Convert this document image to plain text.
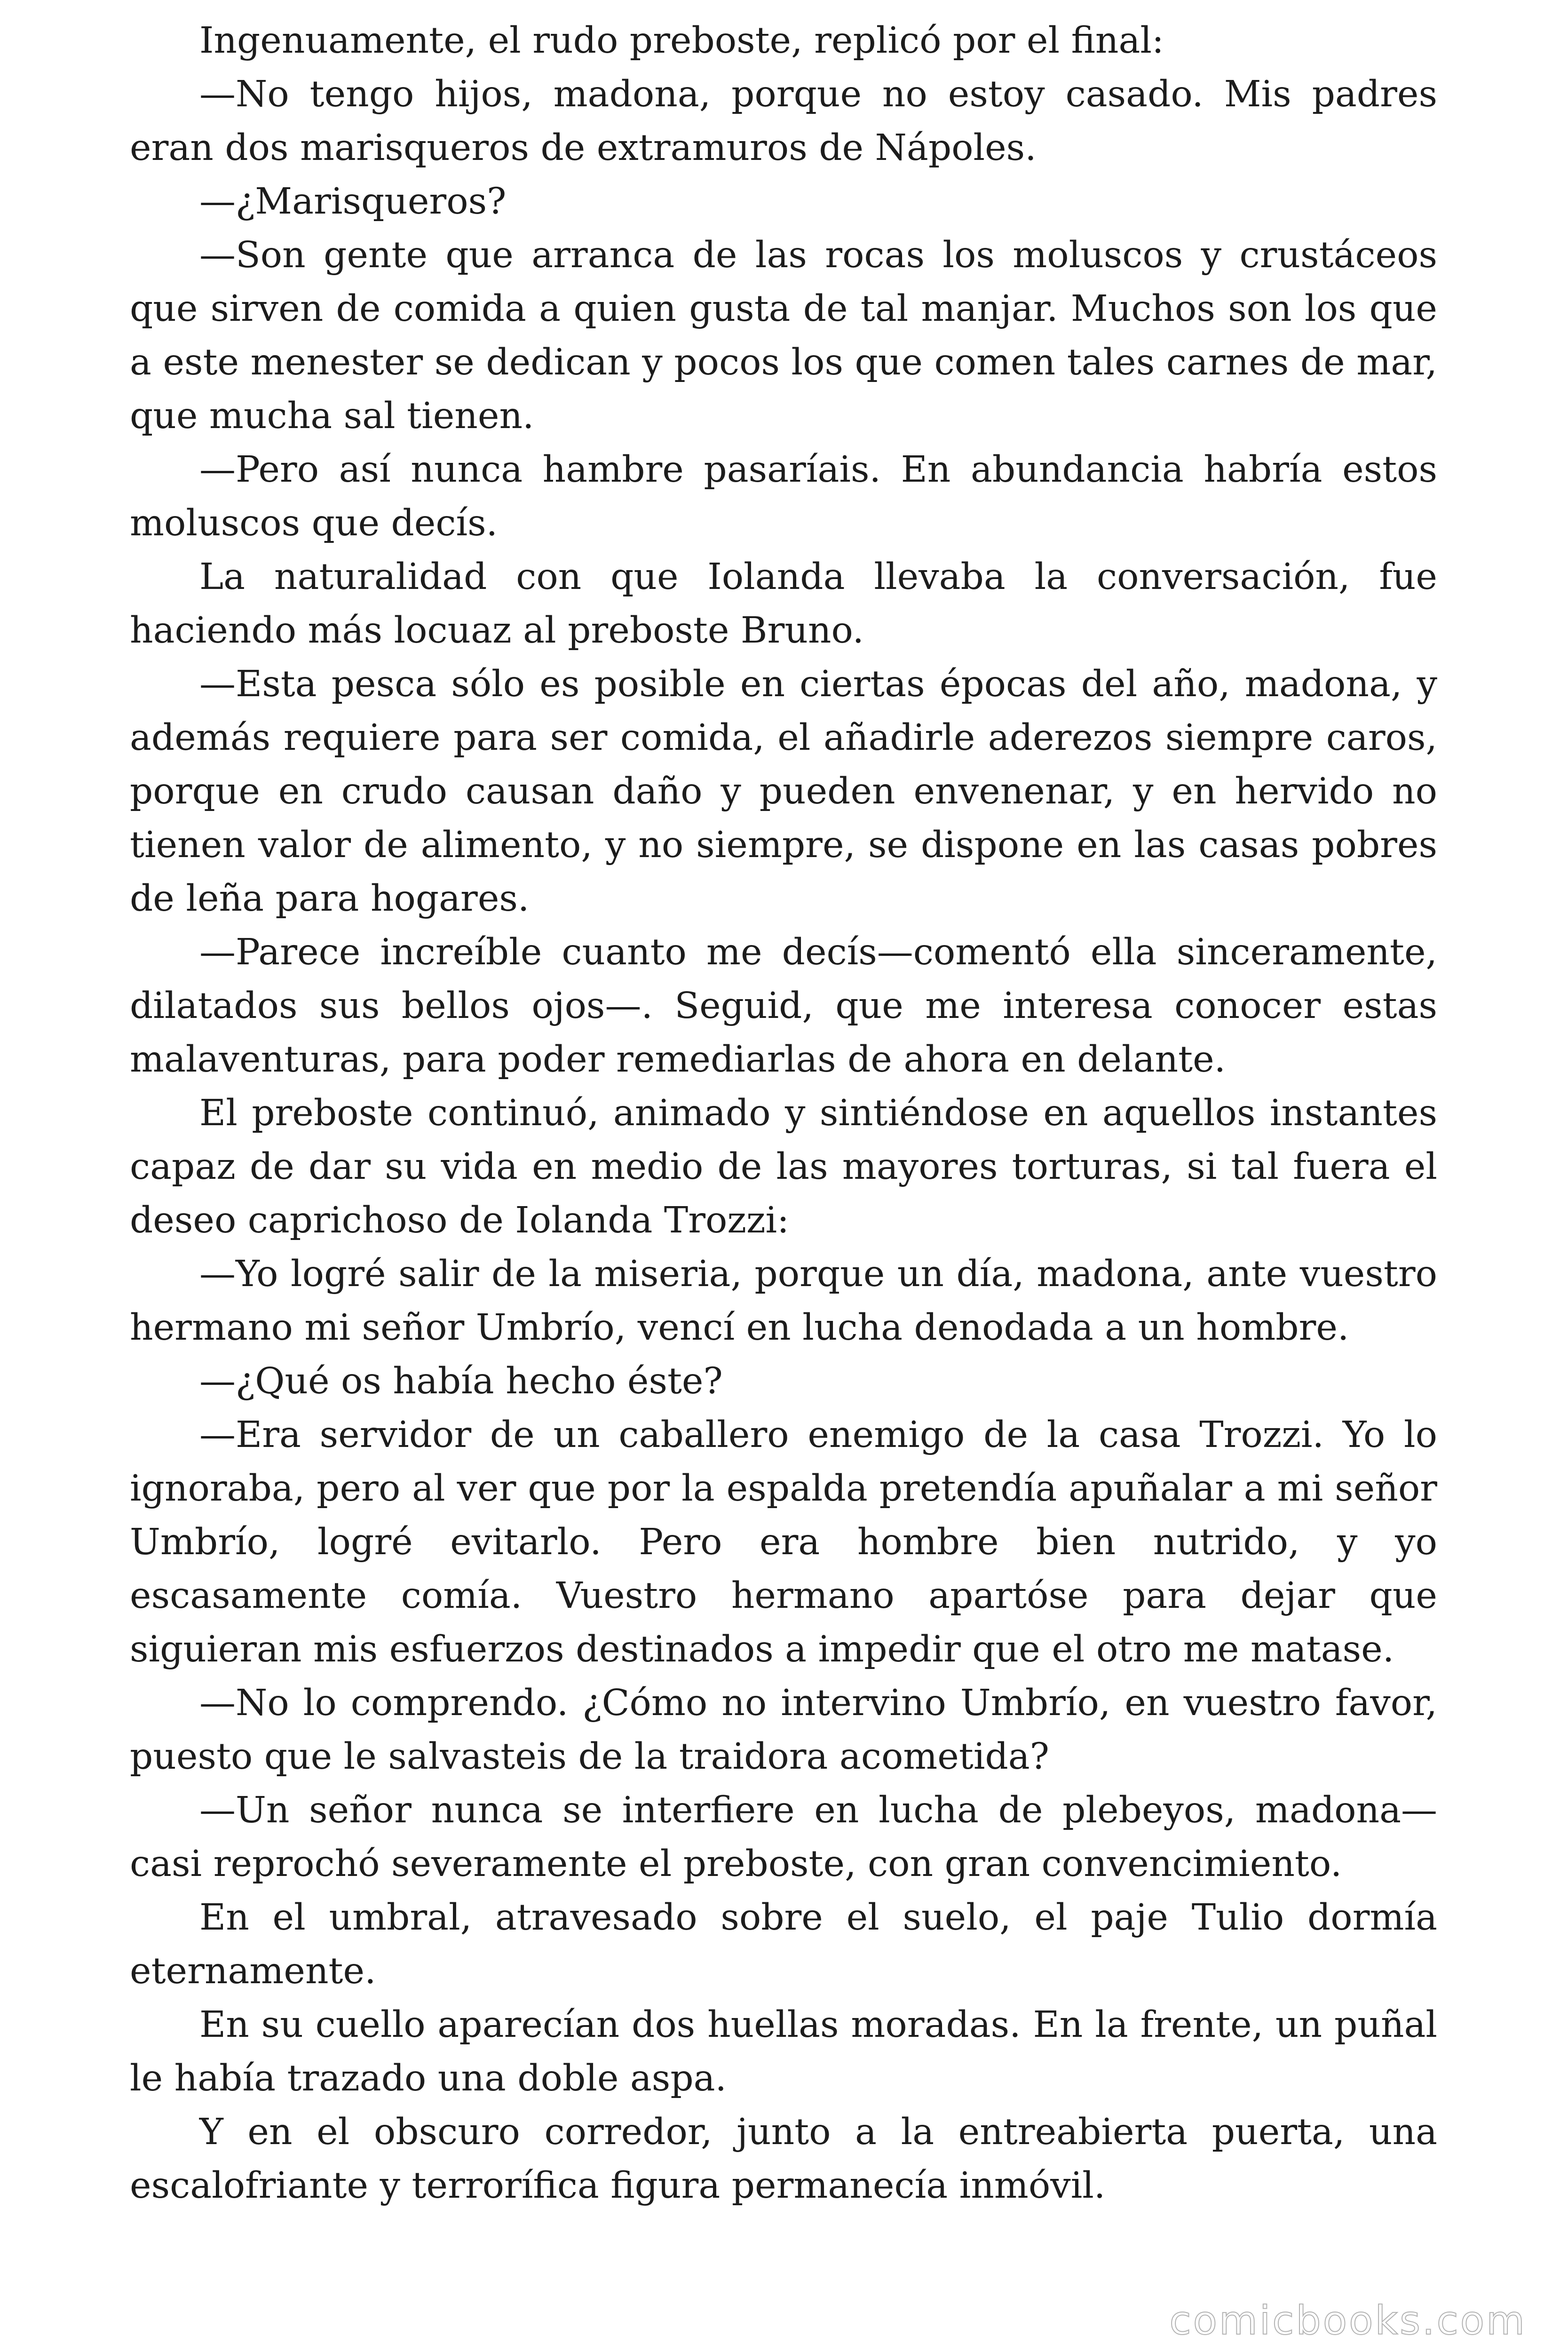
Ingenuamente, el rudo preboste, replicó por el final:

—No tengo hijos, madona, porque no estoy casado. Mis padres eran dos marisqueros de extramuros de Nápoles.

—¿Marisqueros?

—Son gente que arranca de las rocas los moluscos y crustáceos que sirven de comida a quien gusta de tal manjar. Muchos son los que a este menester se dedican y pocos los que comen tales carnes de mar, que mucha sal tienen.

—Pero así nunca hambre pasaríais. En abundancia habría estos moluscos que decís.

La naturalidad con que Iolanda llevaba la conversación, fue haciendo más locuaz al preboste Bruno.

—Esta pesca sólo es posible en ciertas épocas del año, madona, y además requiere para ser comida, el añadirle aderezos siempre caros, porque en crudo causan daño y pueden envenenar, y en hervido no tienen valor de alimento, y no siempre, se dispone en las casas pobres de leña para hogares.

—Parece increíble cuanto me decís—comentó ella sinceramente, dilatados sus bellos ojos—. Seguid, que me interesa conocer estas malaventuras, para poder remediarlas de ahora en delante.

El preboste continuó, animado y sintiéndose en aquellos instantes capaz de dar su vida en medio de las mayores torturas, si tal fuera el deseo caprichoso de Iolanda Trozzi:

—Yo logré salir de la miseria, porque un día, madona, ante vuestro hermano mi señor Umbrío, vencí en lucha denodada a un hombre.

—¿Qué os había hecho éste?

—Era servidor de un caballero enemigo de la casa Trozzi. Yo lo ignoraba, pero al ver que por la espalda pretendía apuñalar a mi señor Umbrío, logré evitarlo. Pero era hombre bien nutrido, y yo escasamente comía. Vuestro hermano apartóse para dejar que siguieran mis esfuerzos destinados a impedir que el otro me matase.

—No lo comprendo. ¿Cómo no intervino Umbrío, en vuestro favor, puesto que le salvasteis de la traidora acometida?

—Un señor nunca se interfiere en lucha de plebeyos, madona— casi reprochó severamente el preboste, con gran convencimiento.

En el umbral, atravesado sobre el suelo, el paje Tulio dormía eternamente.

En su cuello aparecían dos huellas moradas. En la frente, un puñal le había trazado una doble aspa.

Y en el obscuro corredor, junto a la entreabierta puerta, una escalofriante y terrorífica figura permanecía inmóvil.

comicbooks.com
